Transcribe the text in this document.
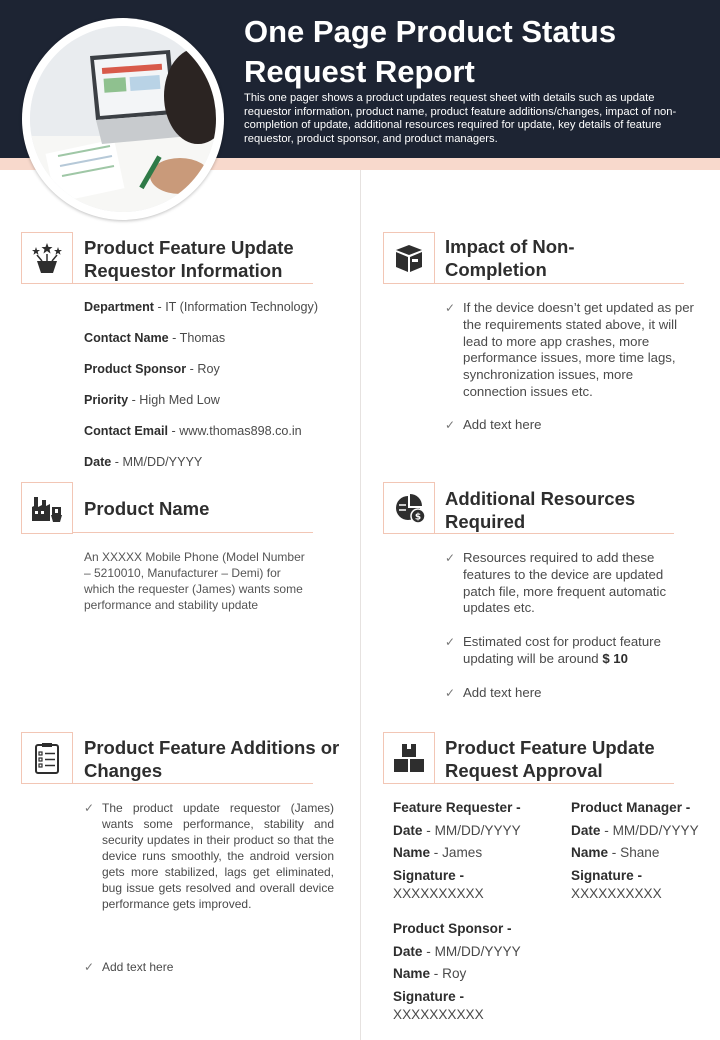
One Page Product Status Request Report
This one pager shows a product updates request sheet with details such as update requestor information, product name, product feature additions/changes, impact of non-completion of update, additional resources required for update, key details of feature requestor, product sponsor, and product managers.
Product Feature Update Requestor Information
Department - IT (Information Technology)
Contact Name - Thomas
Product Sponsor - Roy
Priority - High Med Low
Contact Email - www.thomas898.co.in
Date - MM/DD/YYYY
Impact of Non-Completion
✓ If the device doesn’t get updated as per the requirements stated above, it will lead to more app crashes, more performance issues, more time lags, synchronization issues, more connection issues etc.
✓ Add text here
Product Name
An XXXXX Mobile Phone (Model Number – 5210010, Manufacturer – Demi) for which the requester (James) wants some performance and stability update
$
Additional Resources Required
✓ Resources required to add these features to the device are updated patch file, more frequent automatic updates etc.
✓ Estimated cost for product feature updating will be around $ 10
✓ Add text here
Product Feature Additions or Changes
✓ The product update requestor (James) wants some performance, stability and security updates in their product so that the device runs smoothly, the android version gets more stabilized, lags get eliminated, bug issue gets resolved and overall device performance gets improved.
✓ Add text here
Product Feature Update Request Approval
Feature Requester -
Date - MM/DD/YYYY
Name - James
Signature -
XXXXXXXXXX
Product Manager -
Date - MM/DD/YYYY
Name - Shane
Signature -
XXXXXXXXXX
Product Sponsor -
Date - MM/DD/YYYY
Name - Roy
Signature -
XXXXXXXXXX
